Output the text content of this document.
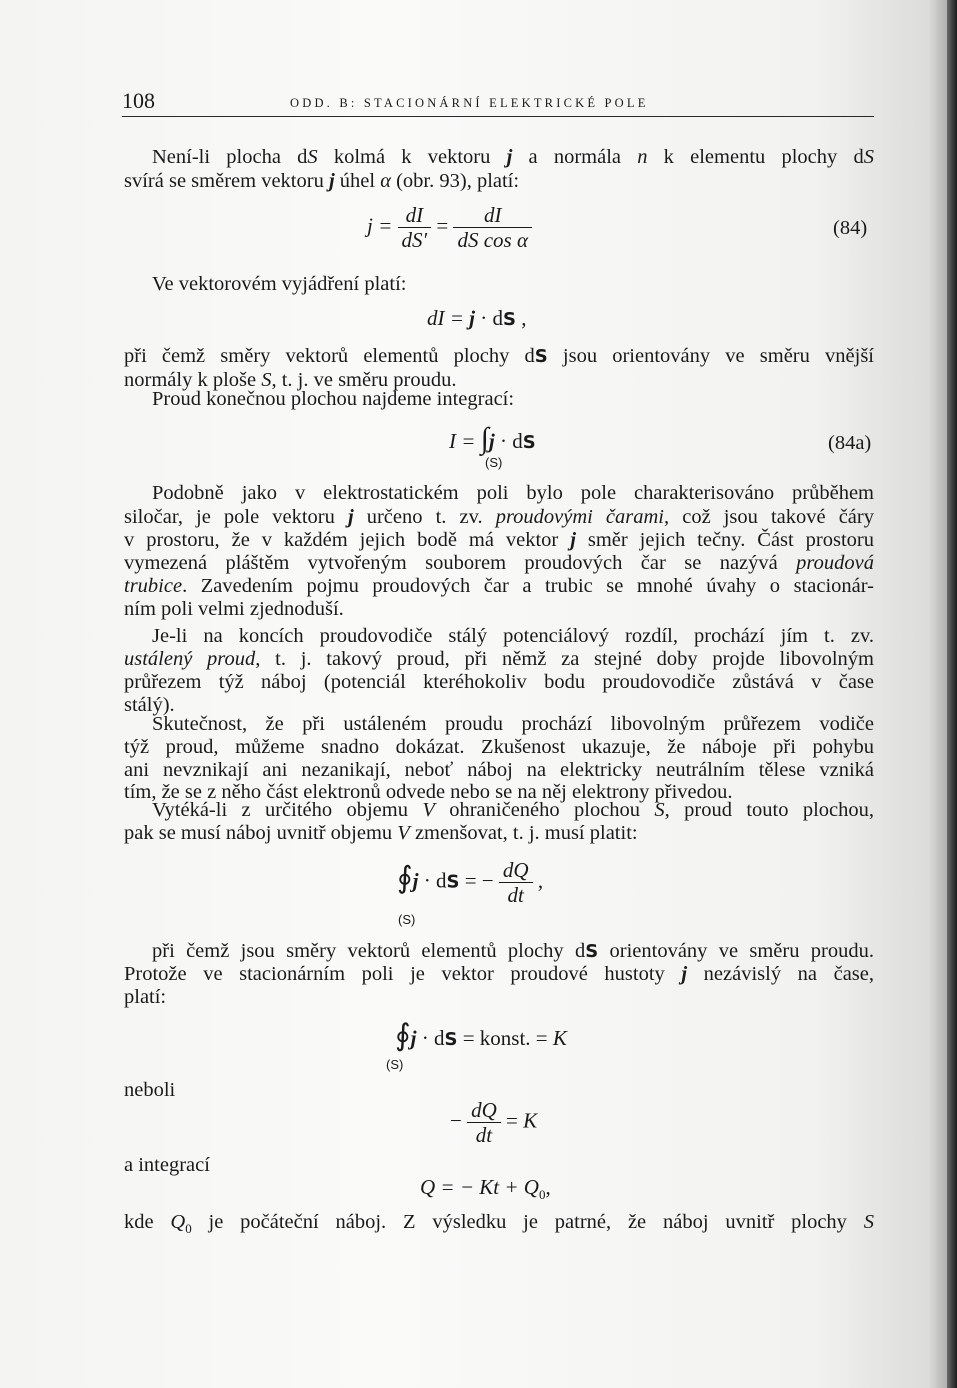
108	ODD. B: STACIONÁRNÍ ELEKTRICKÉ POLE
Není-li plocha dS kolmá k vektoru j a normála n k elementu plochy dS
svírá se směrem vektoru j úhel α (obr. 93), platí:
$j = \frac{dI}{dS'} = \frac{dI}{\text{dS cos α}}$	(84)
Ve vektorovém vyjádření platí:
dI = j · dS ,
při čemž směry vektorů elementů plochy dS jsou orientovány ve směru vnější
normály k ploše S, t. j. ve směru proudu.
Proud konečnou plochou najdeme integrací:
I = ∫j · dS
(S)
(84a)
Podobně jako v elektrostatickém poli bylo pole charakterisováno průběhem
siločar, je pole vektoru j určeno t. zv. proudovými čarami, což jsou takové čáry
v prostoru, že v každém jejich bodě má vektor j směr jejich tečny. Část prostoru
vymezená pláštěm vytvořeným souborem proudových čar se nazývá proudová
trubice. Zavedením pojmu proudových čar a trubic se mnohé úvahy o stacionár-
ním poli velmi zjednoduší.
Je-li na koncích proudovodiče stálý potenciálový rozdíl, prochází jím t. zv.
ustálený proud, t. j. takový proud, při němž za stejné doby projde libovolným
průřezem týž náboj (potenciál kteréhokoliv bodu proudovodiče zůstává v čase
stálý).
Skutečnost, že při ustáleném proudu prochází libovolným průřezem vodiče
týž proud, můžeme snadno dokázat. Zkušenost ukazuje, že náboje při pohybu
ani nevznikají ani nezanikají, neboť náboj na elektricky neutrálním tělese vzniká
tím, že se z něho část elektronů odvede nebo se na něj elektrony přivedou.
Vytéká-li z určitého objemu V ohraničeného plochou S, proud touto plochou,
pak se musí náboj uvnitř objemu V zmenšovat, t. j. musí platit:
∮j · dS = − $\frac{dQ}{dt}$ ,
(S)
při čemž jsou směry vektorů elementů plochy dS orientovány ve směru proudu.
Protože ve stacionárním poli je vektor proudové hustoty j nezávislý na čase,
platí:
∮j · dS = konst. = K
(S)
neboli
− $\frac{dQ}{dt} = K$
a integrací
Q = − $Kt + Q_0$,
kde $Q_0$ je počáteční náboj. Z výsledku je patrné, že náboj uvnitř plochy S
